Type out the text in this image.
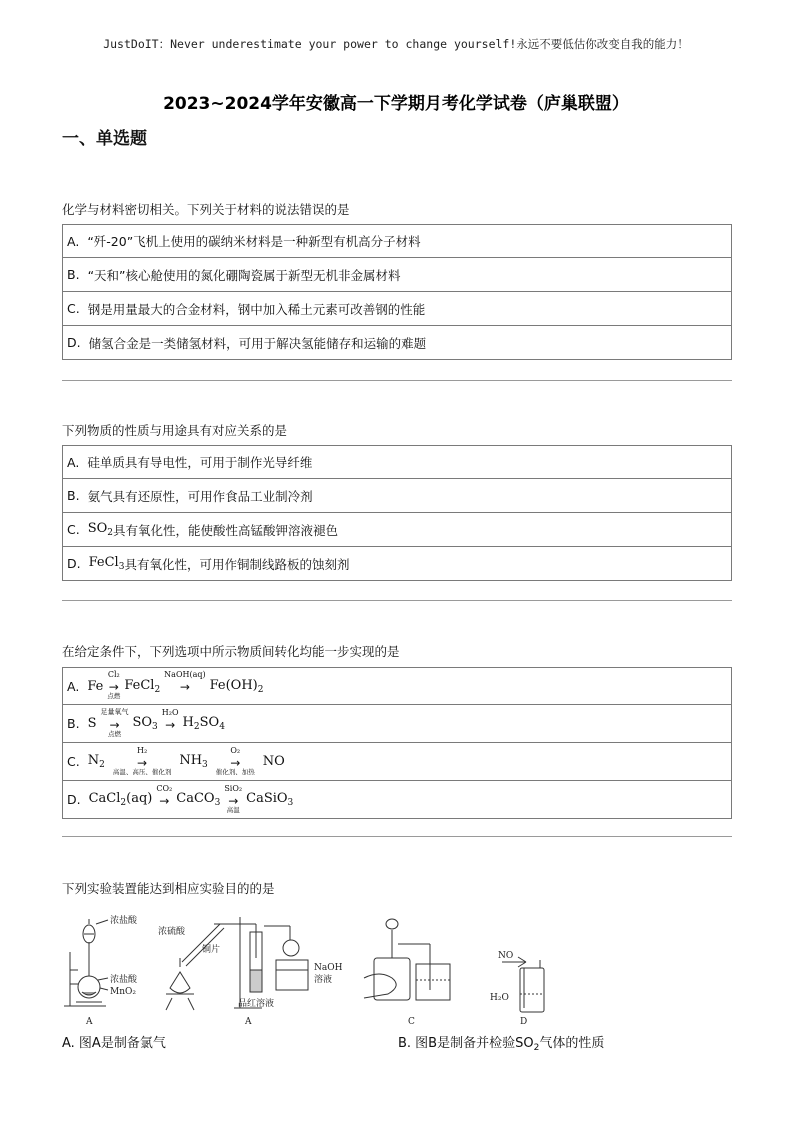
JustDoIT：Never underestimate your power to change yourself!永远不要低估你改变自我的能力！
2023~2024学年安徽高一下学期月考化学试卷（庐巢联盟）
一、单选题
化学与材料密切相关。下列关于材料的说法错误的是
A. “歼-20”飞机上使用的碳纳米材料是一种新型有机高分子材料
B. “天和”核心舱使用的氮化硼陶瓷属于新型无机非金属材料
C. 钢是用量最大的合金材料，钢中加入稀土元素可改善钢的性能
D. 储氢合金是一类储氢材料，可用于解决氢能储存和运输的难题
下列物质的性质与用途具有对应关系的是
A. 硅单质具有导电性，可用于制作光导纤维
B. 氨气具有还原性，可用作食品工业制冷剂
C. $SO_2$ 具有氧化性，能使酸性高锰酸钾溶液褪色
D. FeCl$_3$ 具有氧化性，可用作铜制线路板的蚀刻剂
在给定条件下，下列选项中所示物质间转化均能一步实现的是
A. Fe
Cl₂
→
点燃
FeCl$_2$
NaOH(aq)
→ $Fe(OH)_2$
B. S
足量氧气
→
点燃
$SO_3$
H₂O
→ $H_2SO_4$
C. $N_2$
H₂
→
高温、高压、催化剂
$NH_3$
O₂
→
催化剂、加热
NO
D. CaCl$_2$(aq)
CO₂
→ CaCO$_3$
SiO₂
→
高温
CaSiO$_3$
下列实验装置能达到相应实验目的的是
浓盐酸
浓盐酸
MnO₂
A
浓硫酸
铜片
NaOH
溶液
品红溶液
A	C
NO
H₂O
D
A. 图A是制备氯气	B. 图B是制备并检验$SO_2$气体的性质
